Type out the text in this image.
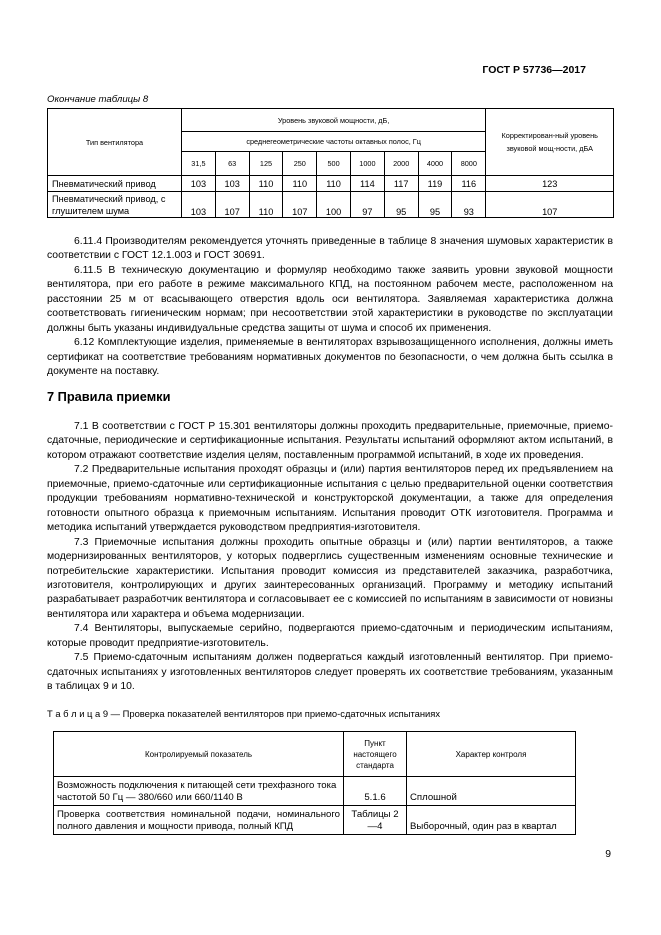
ГОСТ Р 57736—2017
Окончание таблицы 8
Тип вентилятора	Уровень звуковой мощности, дБ,									Корректирован-ный уровень звуковой мощ-ности, дБА
	среднегеометрические частоты октавных полос, Гц									
	31,5	63	125	250	500	1000	2000	4000	8000	
Пневматический привод	103	103	110	110	110	114	117	119	116	123
Пневматический привод, с глушителем шума	103	107	110	107	100	97	95	95	93	107

6.11.4 Производителям рекомендуется уточнять приведенные в таблице 8 значения шумовых характеристик в соответствии с ГОСТ 12.1.003 и ГОСТ 30691.

6.11.5 В техническую документацию и формуляр необходимо также заявить уровни звуковой мощности вентилятора, при его работе в режиме максимального КПД, на постоянном рабочем месте, расположенном на расстоянии 25 м от всасывающего отверстия вдоль оси вентилятора. Заявляемая характеристика должна соответствовать гигиеническим нормам; при несоответствии этой характеристики в руководстве по эксплуатации должны быть указаны индивидуальные средства защиты от шума и способ их применения.

6.12 Комплектующие изделия, применяемые в вентиляторах взрывозащищенного исполнения, должны иметь сертификат на соответствие требованиям нормативных документов по безопасности, о чем должна быть ссылка в документе на поставку.

7 Правила приемки

7.1 В соответствии с ГОСТ Р 15.301 вентиляторы должны проходить предварительные, приемочные, приемо-сдаточные, периодические и сертификационные испытания. Результаты испытаний оформляют актом испытаний, в котором отражают соответствие изделия целям, поставленным программой испытаний, в ходе их проведения.

7.2 Предварительные испытания проходят образцы и (или) партия вентиляторов перед их предъявлением на приемочные, приемо-сдаточные или сертификационные испытания с целью предварительной оценки соответствия продукции требованиям нормативно-технической и конструкторской документации, а также для определения готовности опытного образца к приемочным испытаниям. Испытания проводит ОТК изготовителя. Программа и методика испытаний утверждается руководством предприятия-изготовителя.

7.3 Приемочные испытания должны проходить опытные образцы и (или) партии вентиляторов, а также модернизированных вентиляторов, у которых подверглись существенным изменениям основные технические и потребительские характеристики. Испытания проводит комиссия из представителей заказчика, разработчика, изготовителя, контролирующих и других заинтересованных организаций. Программу и методику испытаний разрабатывает разработчик вентилятора и согласовывает ее с комиссией по испытаниям в зависимости от новизны вентилятора или характера и объема модернизации.

7.4 Вентиляторы, выпускаемые серийно, подвергаются приемо-сдаточным и периодическим испытаниям, которые проводит предприятие-изготовитель.

7.5 Приемо-сдаточным испытаниям должен подвергаться каждый изготовленный вентилятор. При приемо-сдаточных испытаниях у изготовленных вентиляторов следует проверять их соответствие требованиям, указанным в таблицах 9 и 10.

Т а б л и ц а 9 — Проверка показателей вентиляторов при приемо-сдаточных испытаниях
Контролируемый показатель	Пункт настоящего стандарта	Характер контроля
Возможность подключения к питающей сети трехфазного тока частотой 50 Гц — 380/660 или 660/1140 В	5.1.6	Сплошной
Проверка соответствия номинальной подачи, номинального полного давления и мощности привода, полный КПД	Таблицы 2—4	Выборочный, один раз в квартал
9
